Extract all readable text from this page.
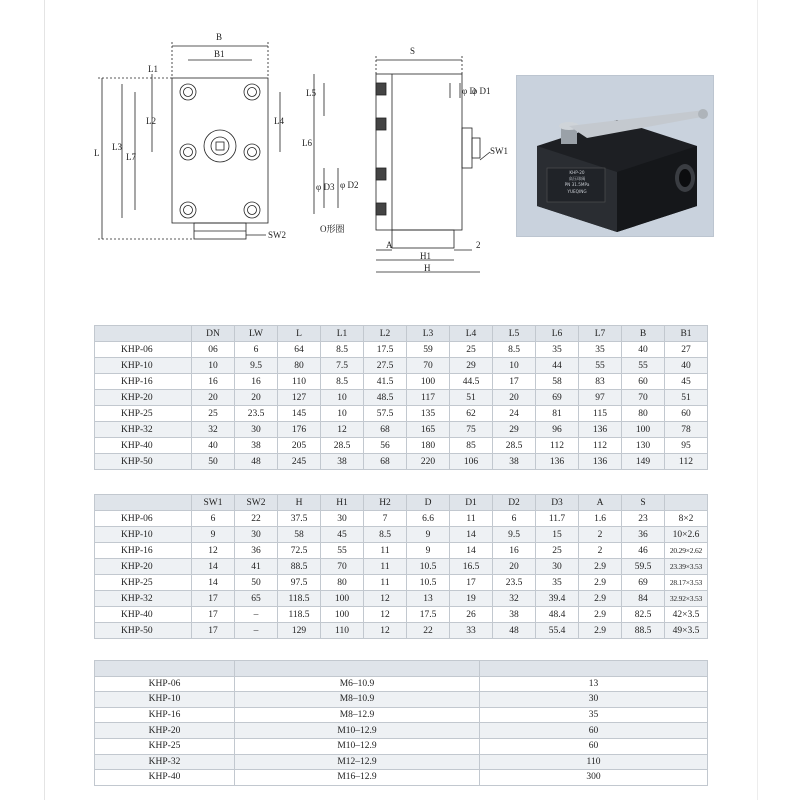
B
B1
L1
L2	L4
L
L3
L7
SW2
S
L5	φ D
φ D1
L6
SW1
φ D3 φ D2
O形圈
A
H1
2
H
KHP-20
高压球阀
PN 31.5MPa
YUEQING
	DN	LW	L	L1	L2	L3	L4	L5	L6	L7	B	B1
KHP-06	06	6	64	8.5	17.5	59	25	8.5	35	35	40	27
KHP-10	10	9.5	80	7.5	27.5	70	29	10	44	55	55	40
KHP-16	16	16	110	8.5	41.5	100	44.5	17	58	83	60	45
KHP-20	20	20	127	10	48.5	117	51	20	69	97	70	51
KHP-25	25	23.5	145	10	57.5	135	62	24	81	115	80	60
KHP-32	32	30	176	12	68	165	75	29	96	136	100	78
KHP-40	40	38	205	28.5	56	180	85	28.5	112	112	130	95
KHP-50	50	48	245	38	68	220	106	38	136	136	149	112
	SW1	SW2	H	H1	H2	D	D1	D2	D3	A	S	
KHP-06	6	22	37.5	30	7	6.6	11	6	11.7	1.6	23	8×2
KHP-10	9	30	58	45	8.5	9	14	9.5	15	2	36	10×2.6
KHP-16	12	36	72.5	55	11	9	14	16	25	2	46	20.29×2.62
KHP-20	14	41	88.5	70	11	10.5	16.5	20	30	2.9	59.5	23.39×3.53
KHP-25	14	50	97.5	80	11	10.5	17	23.5	35	2.9	69	28.17×3.53
KHP-32	17	65	118.5	100	12	13	19	32	39.4	2.9	84	32.92×3.53
KHP-40	17	–	118.5	100	12	17.5	26	38	48.4	2.9	82.5	42×3.5
KHP-50	17	–	129	110	12	22	33	48	55.4	2.9	88.5	49×3.5

KHP-06	M6–10.9	13
KHP-10	M8–10.9	30
KHP-16	M8–12.9	35
KHP-20	M10–12.9	60
KHP-25	M10–12.9	60
KHP-32	M12–12.9	110
KHP-40	M16–12.9	300
